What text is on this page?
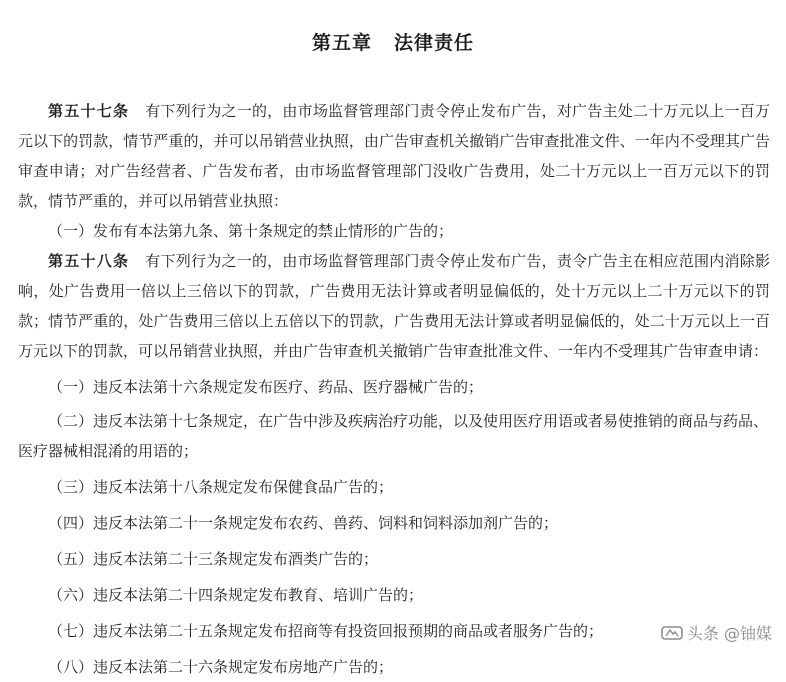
第五章 法律责任

第五十七条 有下列行为之一的，由市场监督管理部门责令停止发布广告，对广告主处二十万元以上一百万元以下的罚款，情节严重的，并可以吊销营业执照，由广告审查机关撤销广告审查批准文件、一年内不受理其广告审查申请；对广告经营者、广告发布者，由市场监督管理部门没收广告费用，处二十万元以上一百万元以下的罚款，情节严重的，并可以吊销营业执照：

（一）发布有本法第九条、第十条规定的禁止情形的广告的；

第五十八条 有下列行为之一的，由市场监督管理部门责令停止发布广告，责令广告主在相应范围内消除影响，处广告费用一倍以上三倍以下的罚款，广告费用无法计算或者明显偏低的，处十万元以上二十万元以下的罚款；情节严重的，处广告费用三倍以上五倍以下的罚款，广告费用无法计算或者明显偏低的，处二十万元以上一百万元以下的罚款，可以吊销营业执照，并由广告审查机关撤销广告审查批准文件、一年内不受理其广告审查申请：

（一）违反本法第十六条规定发布医疗、药品、医疗器械广告的；

（二）违反本法第十七条规定，在广告中涉及疾病治疗功能，以及使用医疗用语或者易使推销的商品与药品、医疗器械相混淆的用语的；

（三）违反本法第十八条规定发布保健食品广告的；

（四）违反本法第二十一条规定发布农药、兽药、饲料和饲料添加剂广告的；

（五）违反本法第二十三条规定发布酒类广告的；

（六）违反本法第二十四条规定发布教育、培训广告的；

（七）违反本法第二十五条规定发布招商等有投资回报预期的商品或者服务广告的；

（八）违反本法第二十六条规定发布房地产广告的；

头条 @铀媒
